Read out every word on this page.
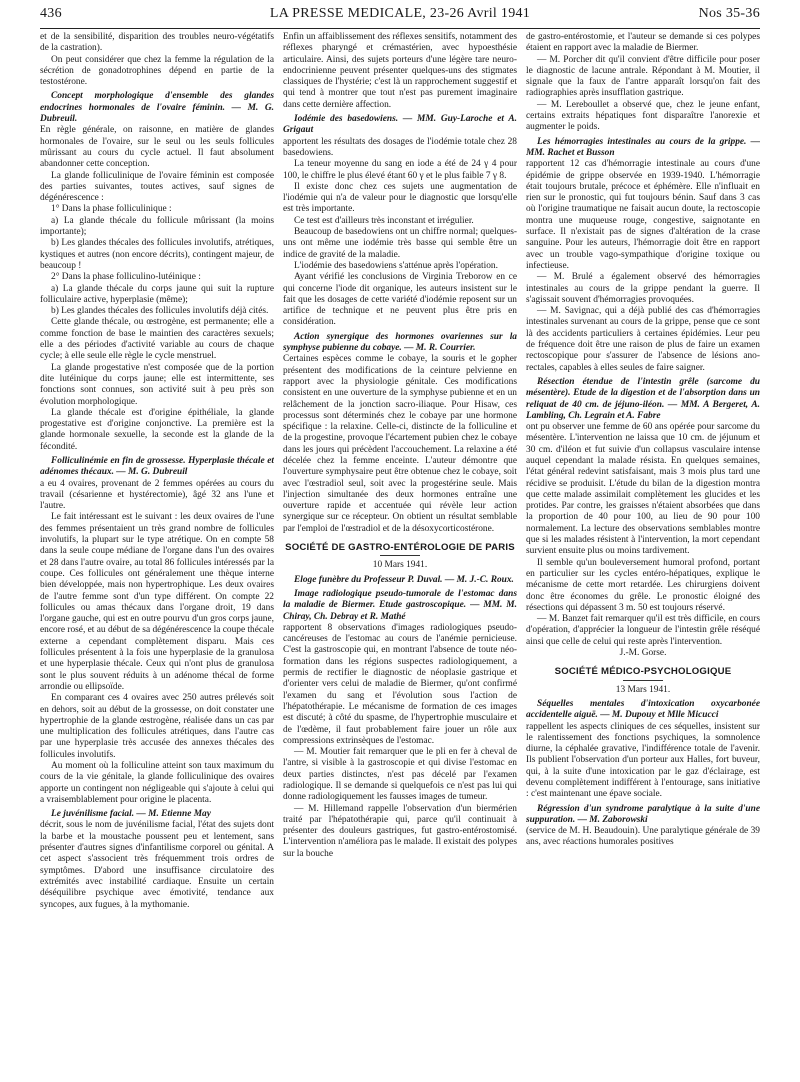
436	LA PRESSE MEDICALE, 23-26 Avril 1941	Nos 35-36

et de la sensibilité, disparition des troubles neuro-végétatifs de la castration).

On peut considérer que chez la femme la régulation de la sécrétion de gonadotrophines dépend en partie de la testostérone.

Concept morphologique d'ensemble des glandes endocrines hormonales de l'ovaire féminin. — M. G. Dubreuil.

En règle générale, on raisonne, en matière de glandes hormonales de l'ovaire, sur le seul ou les seuls follicules mûrissant au cours du cycle actuel. Il faut absolument abandonner cette conception.

La glande folliculinique de l'ovaire féminin est composée des parties suivantes, toutes actives, sauf signes de dégénérescence :

1° Dans la phase folliculinique :

a) La glande thécale du follicule mûrissant (la moins importante);

b) Les glandes thécales des follicules involutifs, atrétiques, kystiques et autres (non encore décrits), contingent majeur, de beaucoup !

2° Dans la phase folliculino-lutéinique :

a) La glande thécale du corps jaune qui suit la rupture folliculaire active, hyperplasie (même);

b) Les glandes thécales des follicules involutifs déjà cités.

Cette glande thécale, ou œstrogène, est permanente; elle a comme fonction de base le maintien des caractères sexuels; elle a des périodes d'activité variable au cours de chaque cycle; à elle seule elle règle le cycle menstruel.

La glande progestative n'est composée que de la portion dite lutéinique du corps jaune; elle est intermittente, ses fonctions sont connues, son activité suit à peu près son évolution morphologique.

La glande thécale est d'origine épithéliale, la glande progestative est d'origine conjonctive. La première est la glande hormonale sexuelle, la seconde est la glande de la fécondité.

Folliculinémie en fin de grossesse. Hyperplasie thécale et adénomes thécaux. — M. G. Dubreuil

a eu 4 ovaires, provenant de 2 femmes opérées au cours du travail (césarienne et hystérectomie), âgé 32 ans l'une et l'autre.

Le fait intéressant est le suivant : les deux ovaires de l'une des femmes présentaient un très grand nombre de follicules involutifs, la plupart sur le type atrétique. On en compte 58 dans la seule coupe médiane de l'organe dans l'un des ovaires et 28 dans l'autre ovaire, au total 86 follicules intéressés par la coupe. Ces follicules ont généralement une thèque interne bien développée, mais non hypertrophique. Les deux ovaires de l'autre femme sont d'un type différent. On compte 22 follicules ou amas thécaux dans l'organe droit, 19 dans l'organe gauche, qui est en outre pourvu d'un gros corps jaune, encore rosé, et au début de sa dégénérescence la coupe thécale externe a cependant complètement disparu. Mais ces follicules présentent à la fois une hyperplasie de la granulosa et une hyperplasie thécale. Ceux qui n'ont plus de granulosa sont le plus souvent réduits à un adénome thécal de forme arrondie ou ellipsoïde.

En comparant ces 4 ovaires avec 250 autres prélevés soit en dehors, soit au début de la grossesse, on doit constater une hypertrophie de la glande œstrogène, réalisée dans un cas par une multiplication des follicules atrétiques, dans l'autre cas par une hyperplasie très accusée des annexes thécales des follicules involutifs.

Au moment où la folliculine atteint son taux maximum du cours de la vie génitale, la glande folliculinique des ovaires apporte un contingent non négligeable qui s'ajoute à celui qui a vraisemblablement pour origine le placenta.

Le juvénilisme facial. — M. Etienne May

décrit, sous le nom de juvénilisme facial, l'état des sujets dont la barbe et la moustache poussent peu et lentement, sans présenter d'autres signes d'infantilisme corporel ou génital. A cet aspect s'associent très fréquemment trois ordres de symptômes. D'abord une insuffisance circulatoire des extrémités avec instabilité cardiaque. Ensuite un certain déséquilibre psychique avec émotivité, tendance aux syncopes, aux fugues, à la mythomanie.

Enfin un affaiblissement des réflexes sensitifs, notamment des réflexes pharyngé et crémastérien, avec hypoesthésie articulaire. Ainsi, des sujets porteurs d'une légère tare neuro-endocrinienne peuvent présenter quelques-uns des stigmates classiques de l'hystérie; c'est là un rapprochement suggestif et qui tend à montrer que tout n'est pas purement imaginaire dans cette dernière affection.

Iodémie des basedowiens. — MM. Guy-Laroche et A. Grigaut

apportent les résultats des dosages de l'iodémie totale chez 28 basedowiens.

La teneur moyenne du sang en iode a été de 24 γ 4 pour 100, le chiffre le plus élevé étant 60 γ et le plus faible 7 γ 8.

Il existe donc chez ces sujets une augmentation de l'iodémie qui n'a de valeur pour le diagnostic que lorsqu'elle est très importante.

Ce test est d'ailleurs très inconstant et irrégulier.

Beaucoup de basedowiens ont un chiffre normal; quelques-uns ont même une iodémie très basse qui semble être un indice de gravité de la maladie.

L'iodémie des basedowiens s'atténue après l'opération.

Ayant vérifié les conclusions de Virginia Treborow en ce qui concerne l'iode dit organique, les auteurs insistent sur le fait que les dosages de cette variété d'iodémie reposent sur un artifice de technique et ne peuvent plus être pris en considération.

Action synergique des hormones ovariennes sur la symphyse pubienne du cobaye. — M. R. Courrier.

Certaines espèces comme le cobaye, la souris et le gopher présentent des modifications de la ceinture pelvienne en rapport avec la physiologie génitale. Ces modifications consistent en une ouverture de la symphyse pubienne et en un relâchement de la jonction sacro-iliaque. Pour Hisaw, ces processus sont déterminés chez le cobaye par une hormone spécifique : la relaxine. Celle-ci, distincte de la folliculine et de la progestine, provoque l'écartement pubien chez le cobaye dans les jours qui précèdent l'accouchement. La relaxine a été décelée chez la femme enceinte. L'auteur démontre que l'ouverture symphysaire peut être obtenue chez le cobaye, soit avec l'œstradiol seul, soit avec la progestérine seule. Mais l'injection simultanée des deux hormones entraîne une ouverture rapide et accentuée qui révèle leur action synergique sur ce récepteur. On obtient un résultat semblable par l'emploi de l'œstradiol et de la désoxycorticostérone.

SOCIÉTÉ DE GASTRO-ENTÉROLOGIE DE PARIS
10 Mars 1941.
Eloge funèbre du Professeur P. Duval. — M. J.-C. Roux.
Image radiologique pseudo-tumorale de l'estomac dans la maladie de Biermer. Etude gastroscopique. — MM. M. Chiray, Ch. Debray et R. Mathé

rapportent 8 observations d'images radiologiques pseudo-cancéreuses de l'estomac au cours de l'anémie pernicieuse. C'est la gastroscopie qui, en montrant l'absence de toute néo-formation dans les régions suspectes radiologiquement, a permis de rectifier le diagnostic de néoplasie gastrique et d'orienter vers celui de maladie de Biermer, qu'ont confirmé l'examen du sang et l'évolution sous l'action de l'hépatothérapie. Le mécanisme de formation de ces images est discuté; à côté du spasme, de l'hypertrophie musculaire et de l'œdème, il faut probablement faire jouer un rôle aux compressions extrinsèques de l'estomac.

— M. Moutier fait remarquer que le pli en fer à cheval de l'antre, si visible à la gastroscopie et qui divise l'estomac en deux parties distinctes, n'est pas décelé par l'examen radiologique. Il se demande si quelquefois ce n'est pas lui qui donne radiologiquement les fausses images de tumeur.

— M. Hillemand rappelle l'observation d'un biermérien traité par l'hépatothérapie qui, parce qu'il continuait à présenter des douleurs gastriques, fut gastro-entérostomisé. L'intervention n'améliora pas le malade. Il existait des polypes sur la bouche

de gastro-entérostomie, et l'auteur se demande si ces polypes étaient en rapport avec la maladie de Biermer.

— M. Porcher dit qu'il convient d'être difficile pour poser le diagnostic de lacune antrale. Répondant à M. Moutier, il signale que la faux de l'antre apparaît lorsqu'on fait des radiographies après insufflation gastrique.

— M. Lereboullet a observé que, chez le jeune enfant, certains extraits hépatiques font disparaître l'anorexie et augmenter le poids.

Les hémorragies intestinales au cours de la grippe. — MM. Rachet et Busson

rapportent 12 cas d'hémorragie intestinale au cours d'une épidémie de grippe observée en 1939-1940. L'hémorragie était toujours brutale, précoce et éphémère. Elle n'influait en rien sur le pronostic, qui fut toujours bénin. Sauf dans 3 cas où l'origine traumatique ne faisait aucun doute, la rectoscopie montra une muqueuse rouge, congestive, saignotante en surface. Il n'existait pas de signes d'altération de la crase sanguine. Pour les auteurs, l'hémorragie doit être en rapport avec un trouble vago-sympathique d'origine toxique ou infectieuse.

— M. Brulé a également observé des hémorragies intestinales au cours de la grippe pendant la guerre. Il s'agissait souvent d'hémorragies provoquées.

— M. Savignac, qui a déjà publié des cas d'hémorragies intestinales survenant au cours de la grippe, pense que ce sont là des accidents particuliers à certaines épidémies. Leur peu de fréquence doit être une raison de plus de faire un examen rectoscopique pour s'assurer de l'absence de lésions ano-rectales, capables à elles seules de faire saigner.

Résection étendue de l'intestin grêle (sarcome du mésentère). Etude de la digestion et de l'absorption dans un reliquat de 40 cm. de jéjuno-iléon. — MM. A Bergeret, A. Lambling, Ch. Legrain et A. Fabre

ont pu observer une femme de 60 ans opérée pour sarcome du mésentère. L'intervention ne laissa que 10 cm. de jéjunum et 30 cm. d'iléon et fut suivie d'un collapsus vasculaire intense auquel cependant la malade résista. En quelques semaines, l'état général redevint satisfaisant, mais 3 mois plus tard une récidive se produisit. L'étude du bilan de la digestion montra que cette malade assimilait complètement les glucides et les protides. Par contre, les graisses n'étaient absorbées que dans la proportion de 40 pour 100, au lieu de 90 pour 100 normalement. La lecture des observations semblables montre que si les malades résistent à l'intervention, la mort cependant survient ensuite plus ou moins tardivement.

Il semble qu'un bouleversement humoral profond, portant en particulier sur les cycles entéro-hépatiques, explique le mécanisme de cette mort retardée. Les chirurgiens doivent donc être économes du grêle. Le pronostic éloigné des résections qui dépassent 3 m. 50 est toujours réservé.

— M. Banzet fait remarquer qu'il est très difficile, en cours d'opération, d'apprécier la longueur de l'intestin grêle réséqué ainsi que celle de celui qui reste après l'intervention.

J.-M. Gorse.
SOCIÉTÉ MÉDICO-PSYCHOLOGIQUE
13 Mars 1941.
Séquelles mentales d'intoxication oxycarbonée accidentelle aiguë. — M. Dupouy et Mlle Micucci

rappellent les aspects cliniques de ces séquelles, insistent sur le ralentissement des fonctions psychiques, la somnolence diurne, la céphalée gravative, l'indifférence totale de l'avenir. Ils publient l'observation d'un porteur aux Halles, fort buveur, qui, à la suite d'une intoxication par le gaz d'éclairage, est devenu complètement indifférent à l'entourage, sans initiative : c'est maintenant une épave sociale.

Régression d'un syndrome paralytique à la suite d'une suppuration. — M. Zaborowski

(service de M. H. Beaudouin). Une paralytique générale de 39 ans, avec réactions humorales positives
